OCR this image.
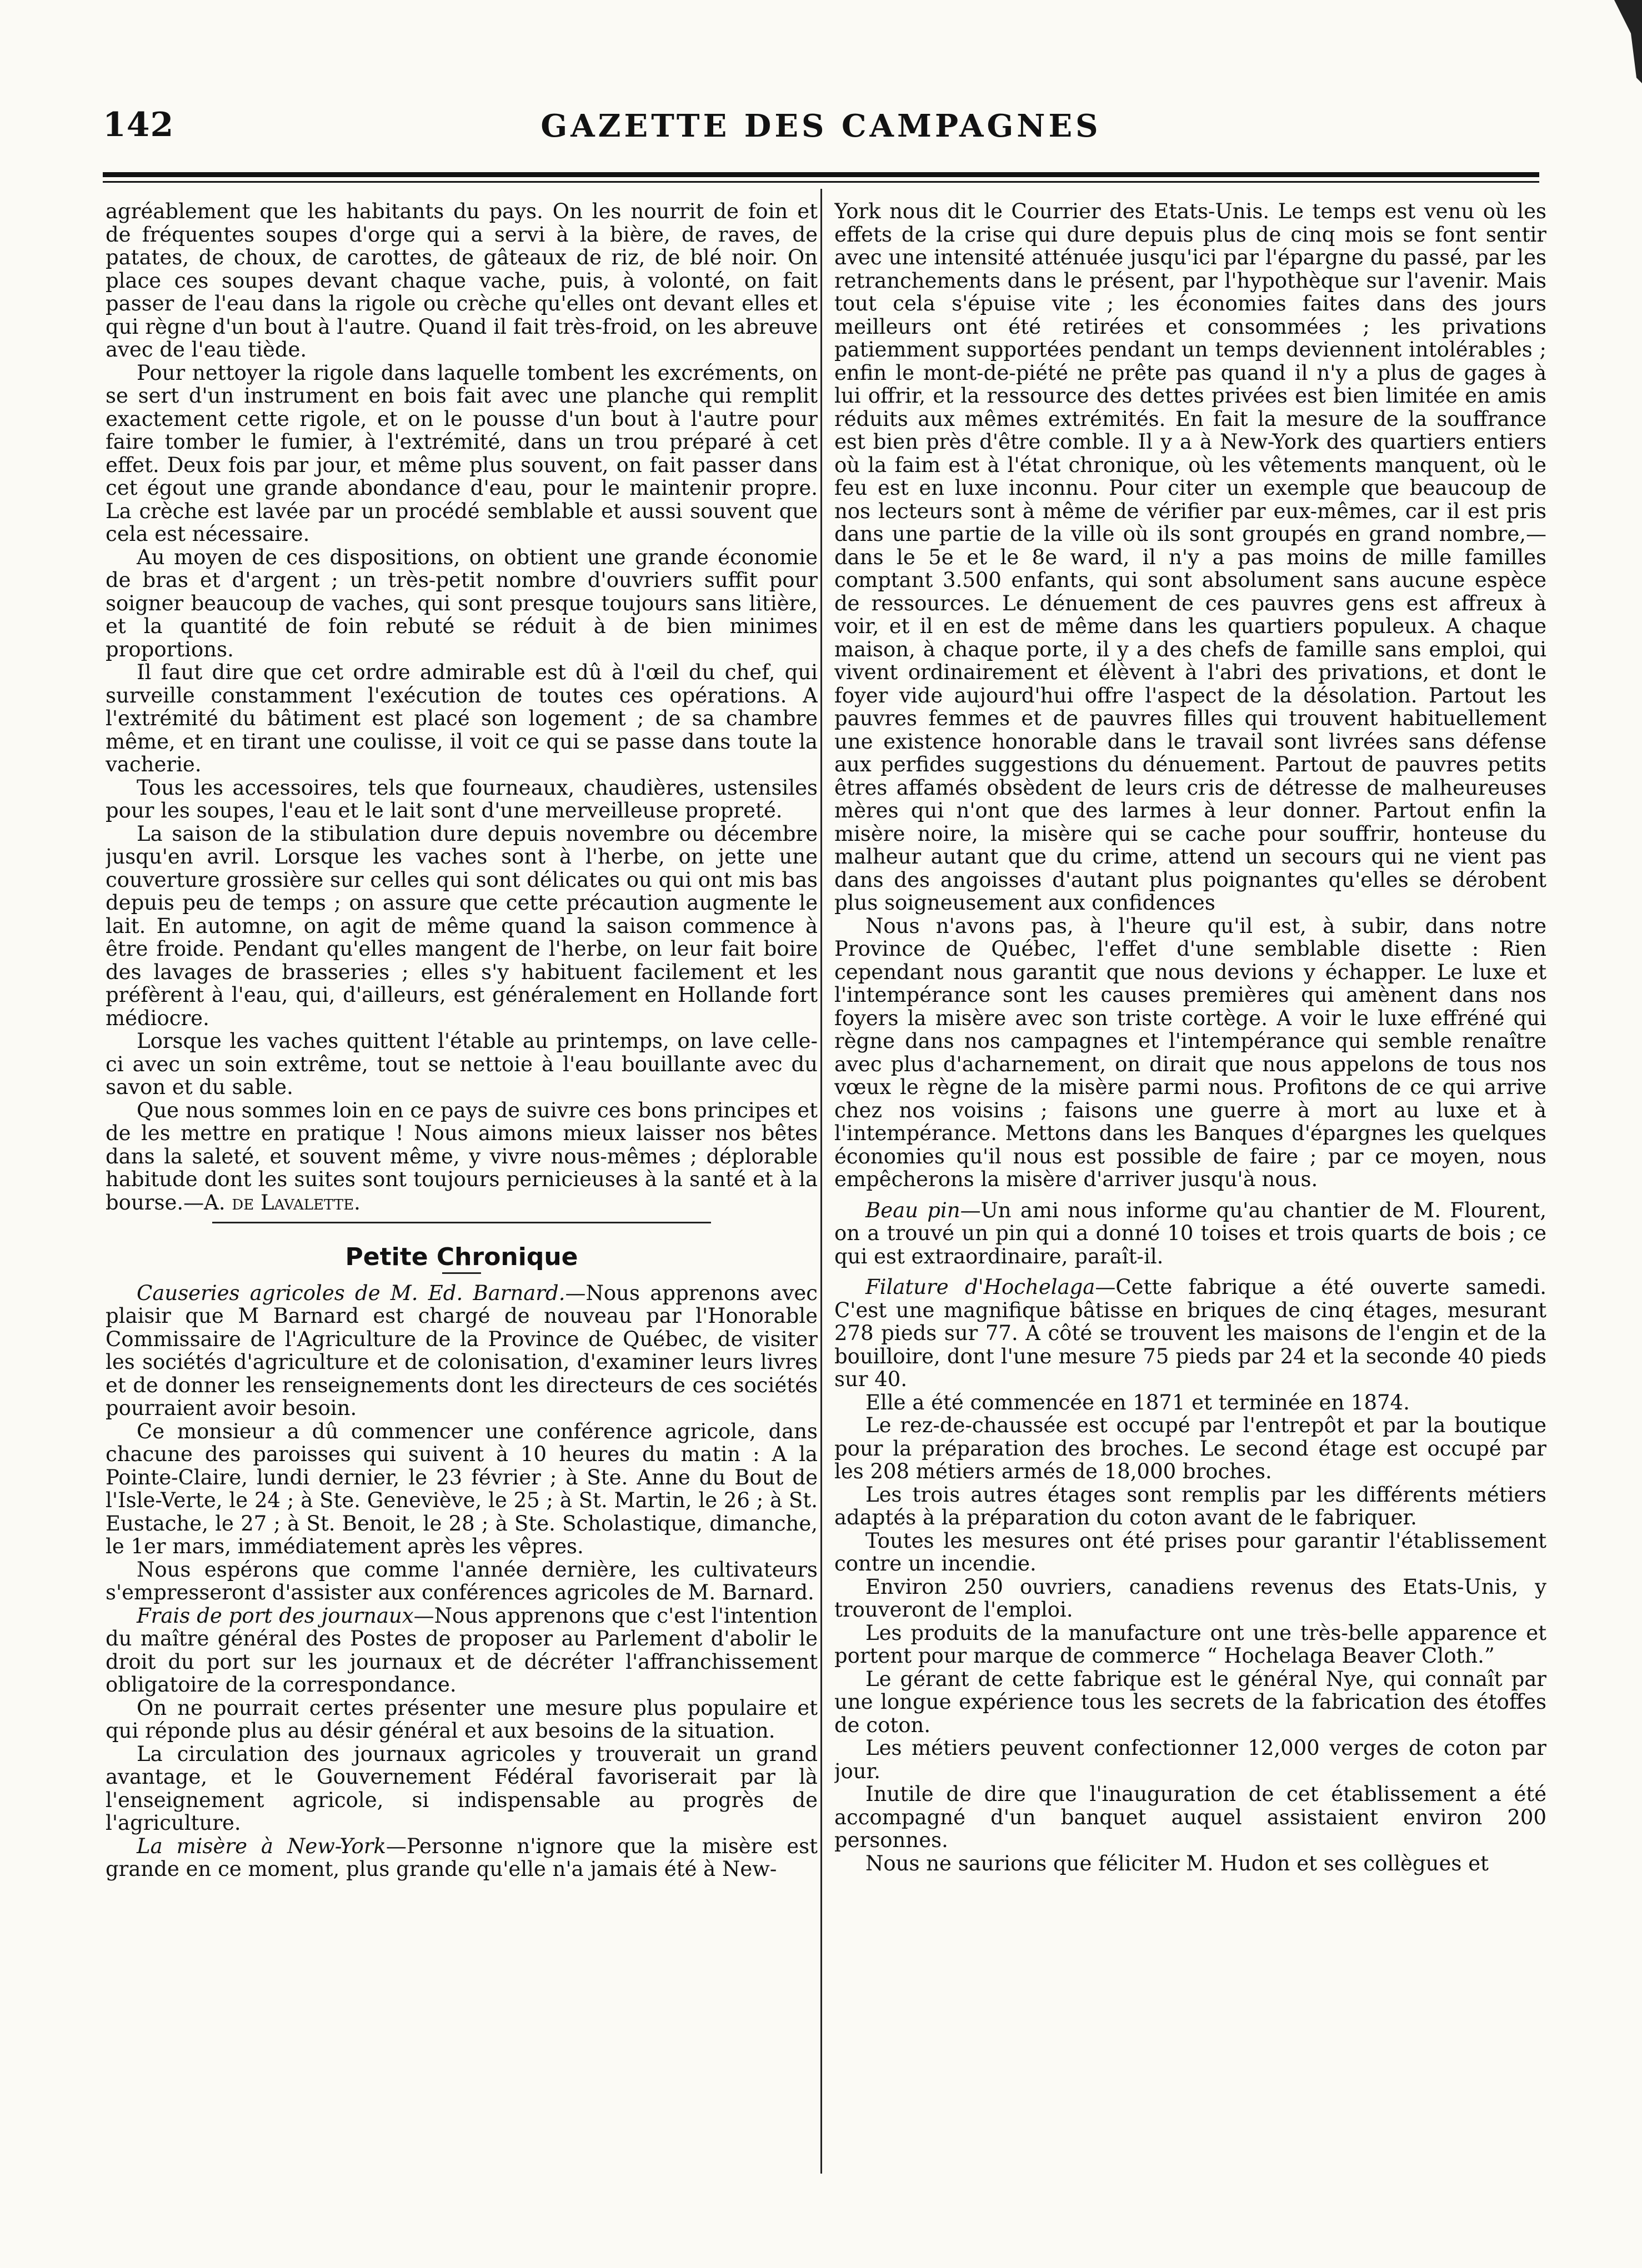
142	GAZETTE DES CAMPAGNES

agréablement que les habitants du pays. On les nourrit de foin et de fréquentes soupes d'orge qui a servi à la bière, de raves, de patates, de choux, de carottes, de gâteaux de riz, de blé noir. On place ces soupes devant chaque vache, puis, à volonté, on fait passer de l'eau dans la rigole ou crèche qu'elles ont devant elles et qui règne d'un bout à l'autre. Quand il fait très-froid, on les abreuve avec de l'eau tiède.

Pour nettoyer la rigole dans laquelle tombent les excréments, on se sert d'un instrument en bois fait avec une planche qui remplit exactement cette rigole, et on le pousse d'un bout à l'autre pour faire tomber le fumier, à l'extrémité, dans un trou préparé à cet effet. Deux fois par jour, et même plus souvent, on fait passer dans cet égout une grande abondance d'eau, pour le maintenir propre. La crèche est lavée par un procédé semblable et aussi souvent que cela est nécessaire.

Au moyen de ces dispositions, on obtient une grande économie de bras et d'argent ; un très-petit nombre d'ouvriers suffit pour soigner beaucoup de vaches, qui sont presque toujours sans litière, et la quantité de foin rebuté se réduit à de bien minimes proportions.

Il faut dire que cet ordre admirable est dû à l'œil du chef, qui surveille constamment l'exécution de toutes ces opérations. A l'extrémité du bâtiment est placé son logement ; de sa chambre même, et en tirant une coulisse, il voit ce qui se passe dans toute la vacherie.

Tous les accessoires, tels que fourneaux, chaudières, ustensiles pour les soupes, l'eau et le lait sont d'une merveilleuse propreté.

La saison de la stibulation dure depuis novembre ou décembre jusqu'en avril. Lorsque les vaches sont à l'herbe, on jette une couverture grossière sur celles qui sont délicates ou qui ont mis bas depuis peu de temps ; on assure que cette précaution augmente le lait. En automne, on agit de même quand la saison commence à être froide. Pendant qu'elles mangent de l'herbe, on leur fait boire des lavages de brasseries ; elles s'y habituent facilement et les préfèrent à l'eau, qui, d'ailleurs, est généralement en Hollande fort médiocre.

Lorsque les vaches quittent l'étable au printemps, on lave celle-ci avec un soin extrême, tout se nettoie à l'eau bouillante avec du savon et du sable.

Que nous sommes loin en ce pays de suivre ces bons principes et de les mettre en pratique ! Nous aimons mieux laisser nos bêtes dans la saleté, et souvent même, y vivre nous-mêmes ; déplorable habitude dont les suites sont toujours pernicieuses à la santé et à la bourse.—A. de Lavalette.

Petite Chronique

Causeries agricoles de M. Ed. Barnard.—Nous apprenons avec plaisir que M Barnard est chargé de nouveau par l'Honorable Commissaire de l'Agriculture de la Province de Québec, de visiter les sociétés d'agriculture et de colonisation, d'examiner leurs livres et de donner les renseignements dont les directeurs de ces sociétés pourraient avoir besoin.

Ce monsieur a dû commencer une conférence agricole, dans chacune des paroisses qui suivent à 10 heures du matin : A la Pointe-Claire, lundi dernier, le 23 février ; à Ste. Anne du Bout de l'Isle-Verte, le 24 ; à Ste. Geneviève, le 25 ; à St. Martin, le 26 ; à St. Eustache, le 27 ; à St. Benoit, le 28 ; à Ste. Scholastique, dimanche, le 1er mars, immédiatement après les vêpres.

Nous espérons que comme l'année dernière, les cultivateurs s'empresseront d'assister aux conférences agricoles de M. Barnard.

Frais de port des journaux—Nous apprenons que c'est l'intention du maître général des Postes de proposer au Parlement d'abolir le droit du port sur les journaux et de décréter l'affranchissement obligatoire de la correspondance.

On ne pourrait certes présenter une mesure plus populaire et qui réponde plus au désir général et aux besoins de la situation.

La circulation des journaux agricoles y trouverait un grand avantage, et le Gouvernement Fédéral favoriserait par là l'enseignement agricole, si indispensable au progrès de l'agriculture.

La misère à New-York—Personne n'ignore que la misère est grande en ce moment, plus grande qu'elle n'a jamais été à New-

York nous dit le Courrier des Etats-Unis. Le temps est venu où les effets de la crise qui dure depuis plus de cinq mois se font sentir avec une intensité atténuée jusqu'ici par l'épargne du passé, par les retranchements dans le présent, par l'hypothèque sur l'avenir. Mais tout cela s'épuise vite ; les économies faites dans des jours meilleurs ont été retirées et consommées ; les privations patiemment supportées pendant un temps deviennent intolérables ; enfin le mont-de-piété ne prête pas quand il n'y a plus de gages à lui offrir, et la ressource des dettes privées est bien limitée en amis réduits aux mêmes extrémités. En fait la mesure de la souffrance est bien près d'être comble. Il y a à New-York des quartiers entiers où la faim est à l'état chronique, où les vêtements manquent, où le feu est en luxe inconnu. Pour citer un exemple que beaucoup de nos lecteurs sont à même de vérifier par eux-mêmes, car il est pris dans une partie de la ville où ils sont groupés en grand nombre,—dans le 5e et le 8e ward, il n'y a pas moins de mille familles comptant 3.500 enfants, qui sont absolument sans aucune espèce de ressources. Le dénuement de ces pauvres gens est affreux à voir, et il en est de même dans les quartiers populeux. A chaque maison, à chaque porte, il y a des chefs de famille sans emploi, qui vivent ordinairement et élèvent à l'abri des privations, et dont le foyer vide aujourd'hui offre l'aspect de la désolation. Partout les pauvres femmes et de pauvres filles qui trouvent habituellement une existence honorable dans le travail sont livrées sans défense aux perfides suggestions du dénuement. Partout de pauvres petits êtres affamés obsèdent de leurs cris de détresse de malheureuses mères qui n'ont que des larmes à leur donner. Partout enfin la misère noire, la misère qui se cache pour souffrir, honteuse du malheur autant que du crime, attend un secours qui ne vient pas dans des angoisses d'autant plus poignantes qu'elles se dérobent plus soigneusement aux confidences

Nous n'avons pas, à l'heure qu'il est, à subir, dans notre Province de Québec, l'effet d'une semblable disette : Rien cependant nous garantit que nous devions y échapper. Le luxe et l'intempérance sont les causes premières qui amènent dans nos foyers la misère avec son triste cortège. A voir le luxe effréné qui règne dans nos campagnes et l'intempérance qui semble renaître avec plus d'acharnement, on dirait que nous appelons de tous nos vœux le règne de la misère parmi nous. Profitons de ce qui arrive chez nos voisins ; faisons une guerre à mort au luxe et à l'intempérance. Mettons dans les Banques d'épargnes les quelques économies qu'il nous est possible de faire ; par ce moyen, nous empêcherons la misère d'arriver jusqu'à nous.

Beau pin—Un ami nous informe qu'au chantier de M. Flourent, on a trouvé un pin qui a donné 10 toises et trois quarts de bois ; ce qui est extraordinaire, paraît-il.

Filature d'Hochelaga—Cette fabrique a été ouverte samedi. C'est une magnifique bâtisse en briques de cinq étages, mesurant 278 pieds sur 77. A côté se trouvent les maisons de l'engin et de la bouilloire, dont l'une mesure 75 pieds par 24 et la seconde 40 pieds sur 40.

Elle a été commencée en 1871 et terminée en 1874.

Le rez-de-chaussée est occupé par l'entrepôt et par la boutique pour la préparation des broches. Le second étage est occupé par les 208 métiers armés de 18,000 broches.

Les trois autres étages sont remplis par les différents métiers adaptés à la préparation du coton avant de le fabriquer.

Toutes les mesures ont été prises pour garantir l'établissement contre un incendie.

Environ 250 ouvriers, canadiens revenus des Etats-Unis, y trouveront de l'emploi.

Les produits de la manufacture ont une très-belle apparence et portent pour marque de commerce “ Hochelaga Beaver Cloth.”

Le gérant de cette fabrique est le général Nye, qui connaît par une longue expérience tous les secrets de la fabrication des étoffes de coton.

Les métiers peuvent confectionner 12,000 verges de coton par jour.

Inutile de dire que l'inauguration de cet établissement a été accompagné d'un banquet auquel assistaient environ 200 personnes.

Nous ne saurions que féliciter M. Hudon et ses collègues et
